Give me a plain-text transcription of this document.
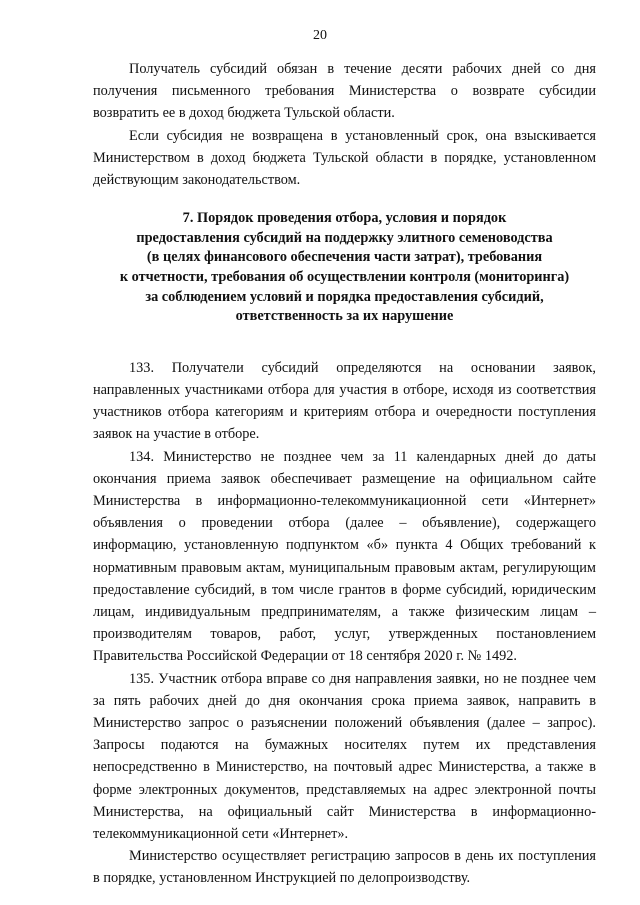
20

Получатель субсидий обязан в течение десяти рабочих дней со дня получения письменного требования Министерства о возврате субсидии возвратить ее в доход бюджета Тульской области.

Если субсидия не возвращена в установленный срок, она взыскивается Министерством в доход бюджета Тульской области в порядке, установленном действующим законодательством.

7. Порядок проведения отбора, условия и порядок
предоставления субсидий на поддержку элитного семеноводства
(в целях финансового обеспечения части затрат), требования
к отчетности, требования об осуществлении контроля (мониторинга)
за соблюдением условий и порядка предоставления субсидий,
ответственность за их нарушение

133. Получатели субсидий определяются на основании заявок, направленных участниками отбора для участия в отборе, исходя из соответствия участников отбора категориям и критериям отбора и очередности поступления заявок на участие в отборе.

134. Министерство не позднее чем за 11 календарных дней до даты окончания приема заявок обеспечивает размещение на официальном сайте Министерства в информационно-телекоммуникационной сети «Интернет» объявления о проведении отбора (далее – объявление), содержащего информацию, установленную подпунктом «б» пункта 4 Общих требований к нормативным правовым актам, муниципальным правовым актам, регулирующим предоставление субсидий, в том числе грантов в форме субсидий, юридическим лицам, индивидуальным предпринимателям, а также физическим лицам – производителям товаров, работ, услуг, утвержденных постановлением Правительства Российской Федерации от 18 сентября 2020 г. № 1492.

135. Участник отбора вправе со дня направления заявки, но не позднее чем за пять рабочих дней до дня окончания срока приема заявок, направить в Министерство запрос о разъяснении положений объявления (далее – запрос). Запросы подаются на бумажных носителях путем их представления непосредственно в Министерство, на почтовый адрес Министерства, а также в форме электронных документов, представляемых на адрес электронной почты Министерства, на официальный сайт Министерства в информационно-телекоммуникационной сети «Интернет».

Министерство осуществляет регистрацию запросов в день их поступления в порядке, установленном Инструкцией по делопроизводству.
